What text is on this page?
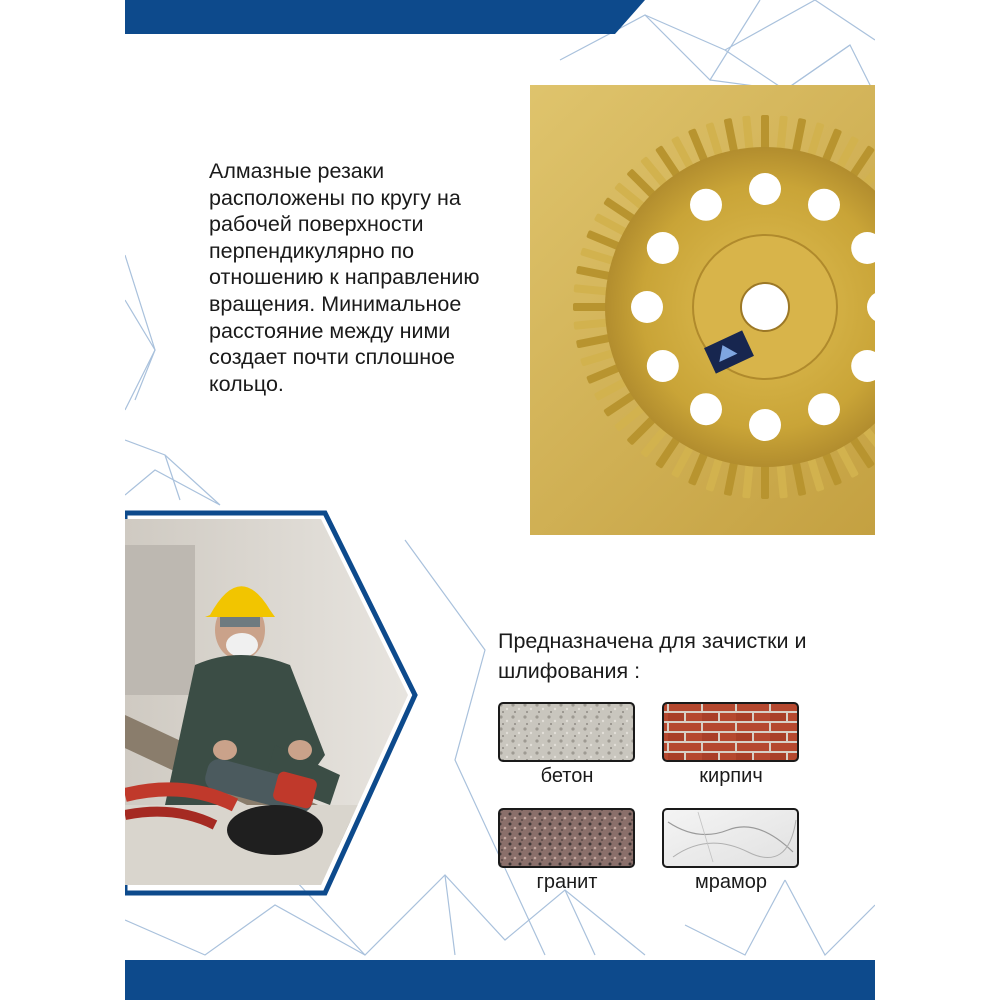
Алмазные резаки
расположены по кругу на
рабочей поверхности
перпендикулярно по
отношению к направлению
вращения. Минимальное
расстояние между ними
создает почти сплошное
кольцо.
Предназначена для зачистки и
шлифования :
бетон	кирпич
гранит	мрамор
